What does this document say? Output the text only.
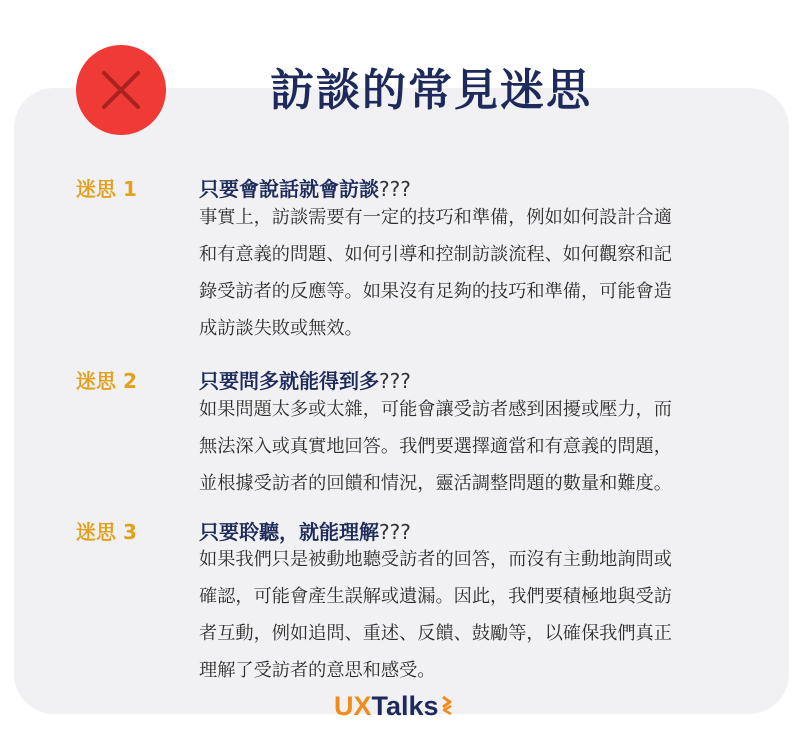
訪談的常見迷思
迷思 1	只要會說話就會訪談???
事實上，訪談需要有一定的技巧和準備，例如如何設計合適
和有意義的問題、如何引導和控制訪談流程、如何觀察和記
錄受訪者的反應等。如果沒有足夠的技巧和準備，可能會造
成訪談失敗或無效。
迷思 2	只要問多就能得到多???
如果問題太多或太雜，可能會讓受訪者感到困擾或壓力，而
無法深入或真實地回答。我們要選擇適當和有意義的問題，
並根據受訪者的回饋和情況，靈活調整問題的數量和難度。
迷思 3	只要聆聽，就能理解???
如果我們只是被動地聽受訪者的回答，而沒有主動地詢問或
確認，可能會產生誤解或遺漏。因此，我們要積極地與受訪
者互動，例如追問、重述、反饋、鼓勵等，以確保我們真正
理解了受訪者的意思和感受。
UXTalks
